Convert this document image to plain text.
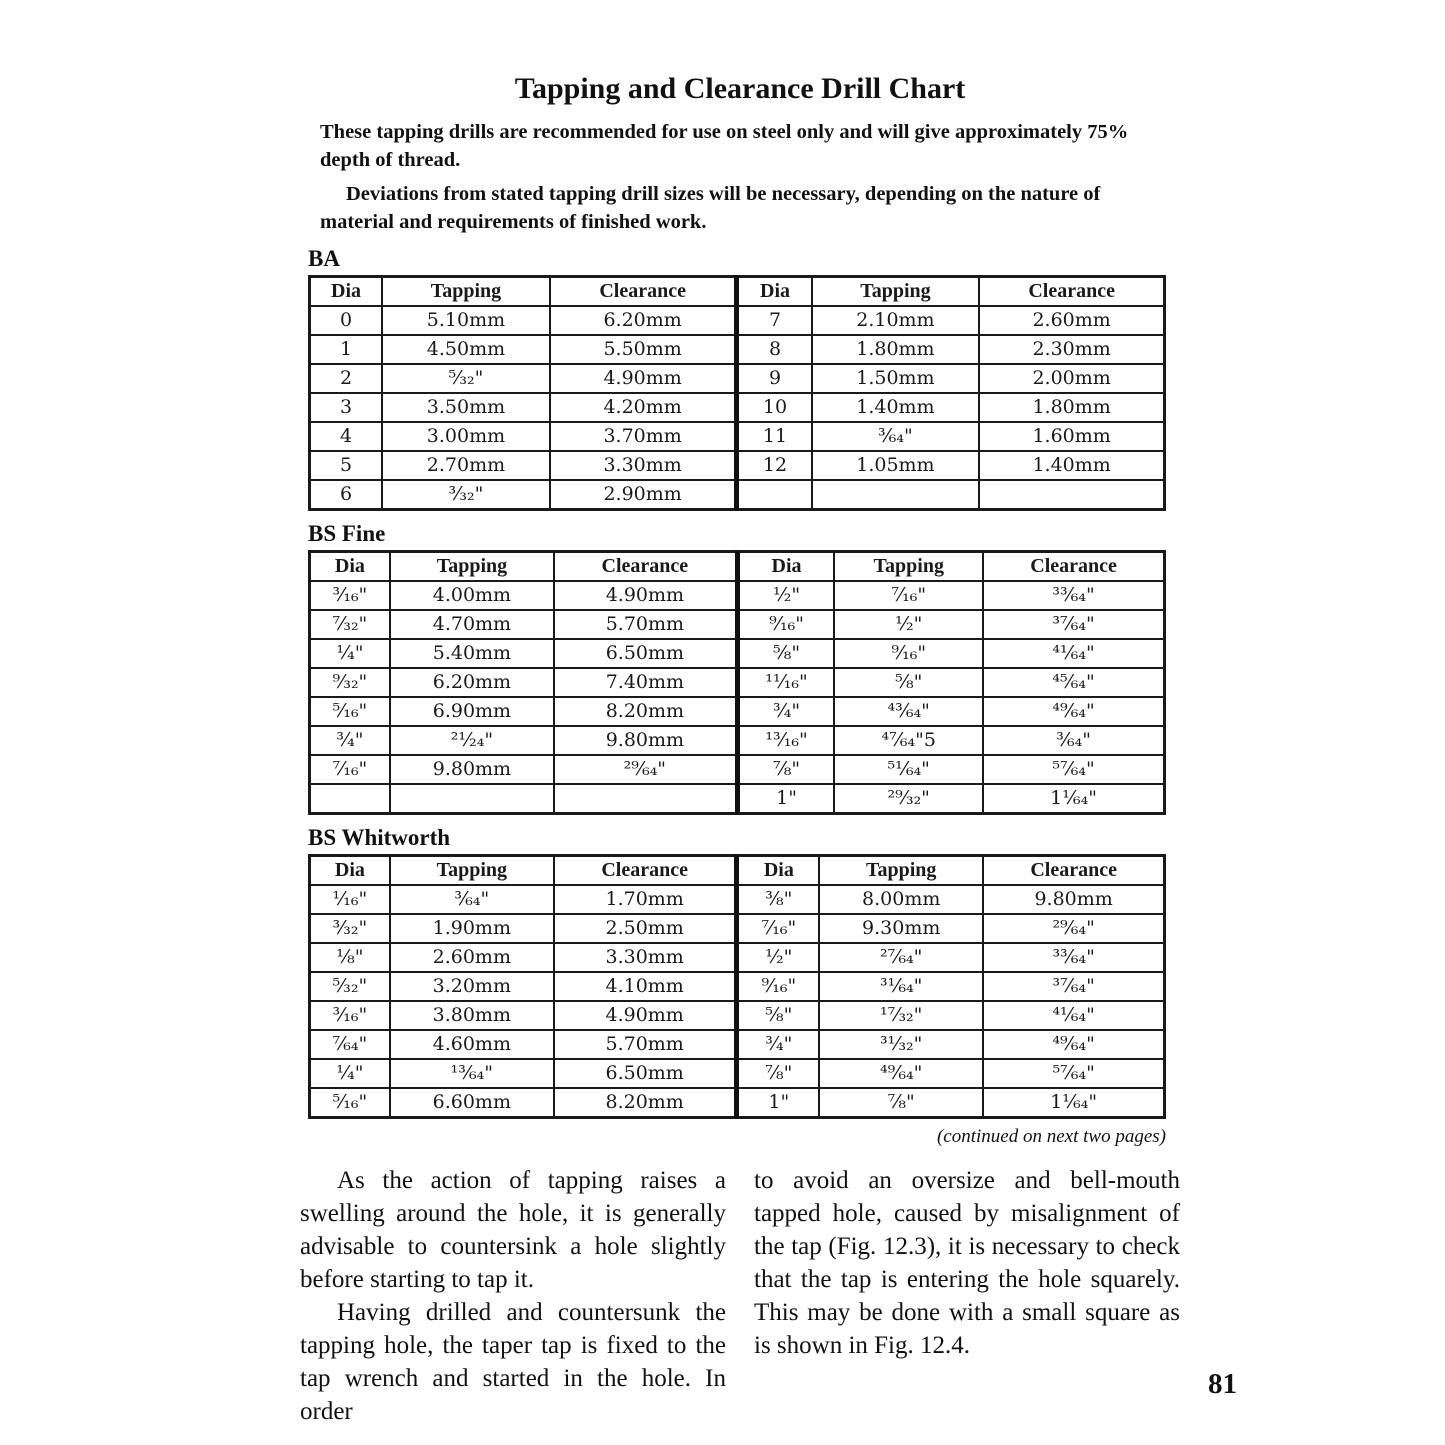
Tapping and Clearance Drill Chart

These tapping drills are recommended for use on steel only and will give approximately 75% depth of thread.

Deviations from stated tapping drill sizes will be necessary, depending on the nature of material and requirements of finished work.

BA
Dia	Tapping	Clearance	Dia	Tapping	Clearance
0	5.10mm	6.20mm	7	2.10mm	2.60mm
1	4.50mm	5.50mm	8	1.80mm	2.30mm
2	⁵⁄₃₂"	4.90mm	9	1.50mm	2.00mm
3	3.50mm	4.20mm	10	1.40mm	1.80mm
4	3.00mm	3.70mm	11	³⁄₆₄"	1.60mm
5	2.70mm	3.30mm	12	1.05mm	1.40mm
6	³⁄₃₂"	2.90mm			
BS Fine
Dia	Tapping	Clearance	Dia	Tapping	Clearance
³⁄₁₆"	4.00mm	4.90mm	¹⁄₂"	⁷⁄₁₆"	³³⁄₆₄"
⁷⁄₃₂"	4.70mm	5.70mm	⁹⁄₁₆"	¹⁄₂"	³⁷⁄₆₄"
¹⁄₄"	5.40mm	6.50mm	⁵⁄₈"	⁹⁄₁₆"	⁴¹⁄₆₄"
⁹⁄₃₂"	6.20mm	7.40mm	¹¹⁄₁₆"	⁵⁄₈"	⁴⁵⁄₆₄"
⁵⁄₁₆"	6.90mm	8.20mm	³⁄₄"	⁴³⁄₆₄"	⁴⁹⁄₆₄"
³⁄₄"	²¹⁄₂₄"	9.80mm	¹³⁄₁₆"	⁴⁷⁄₆₄"5	³⁄₆₄"
⁷⁄₁₆"	9.80mm	²⁹⁄₆₄"	⁷⁄₈"	⁵¹⁄₆₄"	⁵⁷⁄₆₄"
			1"	²⁹⁄₃₂"	1¹⁄₆₄"
BS Whitworth
Dia	Tapping	Clearance	Dia	Tapping	Clearance
¹⁄₁₆"	³⁄₆₄"	1.70mm	³⁄₈"	8.00mm	9.80mm
³⁄₃₂"	1.90mm	2.50mm	⁷⁄₁₆"	9.30mm	²⁹⁄₆₄"
¹⁄₈"	2.60mm	3.30mm	¹⁄₂"	²⁷⁄₆₄"	³³⁄₆₄"
⁵⁄₃₂"	3.20mm	4.10mm	⁹⁄₁₆"	³¹⁄₆₄"	³⁷⁄₆₄"
³⁄₁₆"	3.80mm	4.90mm	⁵⁄₈"	¹⁷⁄₃₂"	⁴¹⁄₆₄"
⁷⁄₆₄"	4.60mm	5.70mm	³⁄₄"	³¹⁄₃₂"	⁴⁹⁄₆₄"
¹⁄₄"	¹³⁄₆₄"	6.50mm	⁷⁄₈"	⁴⁹⁄₆₄"	⁵⁷⁄₆₄"
⁵⁄₁₆"	6.60mm	8.20mm	1"	⁷⁄₈"	1¹⁄₆₄"
(continued on next two pages)

As the action of tapping raises a swelling around the hole, it is generally advisable to countersink a hole slightly before starting to tap it.

Having drilled and countersunk the tapping hole, the taper tap is fixed to the tap wrench and started in the hole. In order

to avoid an oversize and bell-mouth tapped hole, caused by misalignment of the tap (Fig. 12.3), it is necessary to check that the tap is entering the hole squarely. This may be done with a small square as is shown in Fig. 12.4.

81
